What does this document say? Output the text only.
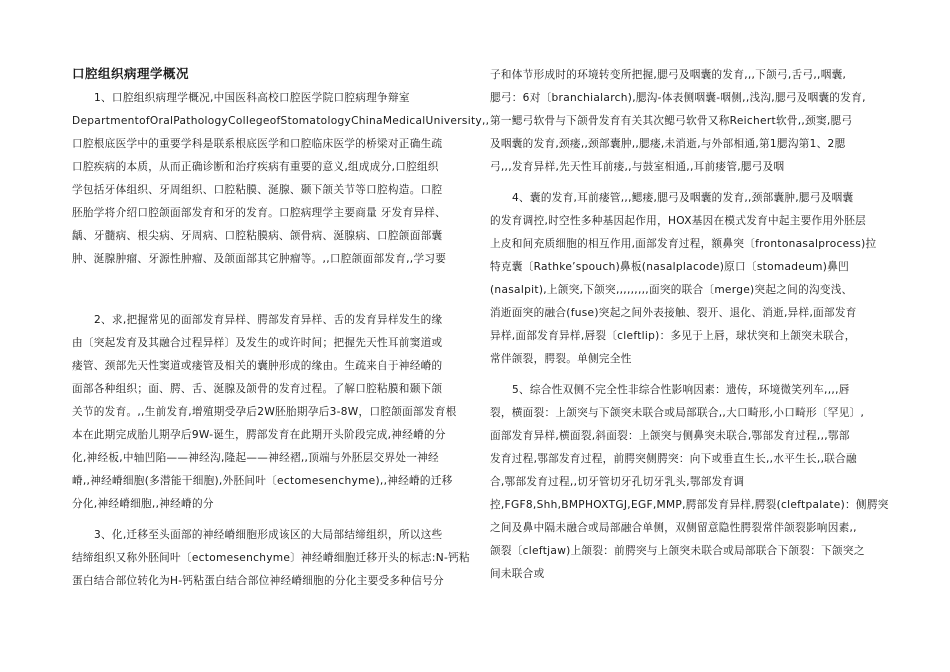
口腔组织病理学概况
1、口腔组织病理学概况,中国医科高校口腔医学院口腔病理争辩室
DepartmentofOralPathologyCollegeofStomatologyChinaMedicalUniversity,,
口腔根底医学中的重要学科是联系根底医学和口腔临床医学的桥梁对正确生疏
口腔疾病的本质，从而正确诊断和治疗疾病有重要的意义,组成成分,口腔组织
学包括牙体组织、牙周组织、口腔粘膜、涎腺、颞下颌关节等口腔构造。口腔
胚胎学将介绍口腔颌面部发育和牙的发育。口腔病理学主要商量 牙发育异样、
龋、牙髓病、根尖病、牙周病、口腔粘膜病、颌骨病、涎腺病、口腔颌面部囊
肿、涎腺肿瘤、牙源性肿瘤、及颌面部其它肿瘤等。,,口腔颌面部发育,,学习要
2、求,把握常见的面部发育异样、腭部发育异样、舌的发育异样发生的缘
由〔突起发育及其融合过程异样〕及发生的或许时间；把握先天性耳前窦道或
瘘管、颈部先天性窦道或瘘管及相关的囊肿形成的缘由。生疏来自于神经嵴的
面部各种组织；面、腭、舌、涎腺及颌骨的发育过程。了解口腔粘膜和颞下颌
关节的发育。,,生前发育,增殖期受孕后2W胚胎期孕后3-8W，口腔颌面部发育根
本在此期完成胎儿期孕后9W-诞生，腭部发育在此期开头阶段完成,神经嵴的分
化,神经板,中轴凹陷——神经沟,隆起——神经褶,,顶端与外胚层交界处一神经
嵴,,神经嵴细胞(多潜能干细胞),外胚间叶〔ectomesenchyme),,神经嵴的迁移
分化,神经嵴细胞,,神经嵴的分
3、化,迁移至头面部的神经嵴细胞形成该区的大局部结缔组织，所以这些
结缔组织又称外胚间叶〔ectomesenchyme〕神经嵴细胞迁移开头的标志:N-钙粘
蛋白结合部位转化为H-钙粘蛋白结合部位神经嵴细胞的分化主要受多种信号分
子和体节形成时的环境转变所把握,腮弓及咽囊的发育,,,下颌弓,舌弓,,咽囊,
腮弓：6对〔branchialarch),腮沟-体表侧咽囊-咽侧,,浅沟,腮弓及咽囊的发育,
第一鳃弓软骨与下颌骨发育有关其次鳃弓软骨又称Reichert软骨,,颈窦,腮弓
及咽囊的发育,颈瘘,,颈部囊肿,,腮瘘,未消逝,与外部相通,第1腮沟第1、2腮
弓,,,发育异样,先天性耳前瘘,,与鼓室相通,,耳前瘘管,腮弓及咽
4、囊的发育,耳前瘘管,,,鳃瘘,腮弓及咽囊的发育,,颈部囊肿,腮弓及咽囊
的发育调控,时空性多种基因起作用，HOX基因在模式发育中起主要作用外胚层
上皮和间充质细胞的相互作用,面部发育过程，额鼻突〔frontonasalprocess)拉
特克囊〔Rathke’spouch)鼻板(nasalplacode)原口〔stomadeum)鼻凹
(nasalpit),上颌突,下颌突,,,,,,,,,面突的联合〔merge)突起之间的沟变浅、
消逝面突的融合(fuse)突起之间外表接触、裂开、退化、消逝,异样,面部发育
异样,面部发育异样,唇裂〔cleftlip)：多见于上唇，球状突和上颌突未联合，
常伴颌裂，腭裂。单侧完全性
5、综合性双侧不完全性非综合性影响因素：遗传，环境微笑列车,,,,唇
裂，横面裂：上颌突与下颌突未联合或局部联合,,大口畸形,小口畸形〔罕见〕,
面部发育异样,横面裂,斜面裂：上颌突与侧鼻突未联合,鄂部发育过程,,,鄂部
发育过程,鄂部发育过程，前腭突侧腭突：向下或垂直生长,,水平生长,,联合融
合,鄂部发育过程,,切牙管切牙孔切牙乳头,鄂部发育调
控,FGF8,Shh,BMPHOXTGJ,EGF,MMP,腭部发育异样,腭裂(cleftpalate)：侧腭突
之间及鼻中隔未融合或局部融合单侧，双侧留意隐性腭裂常伴颌裂影响因素,,
颌裂〔cleftjaw)上颌裂：前腭突与上颌突未联合或局部联合下颌裂：下颌突之
间未联合或
